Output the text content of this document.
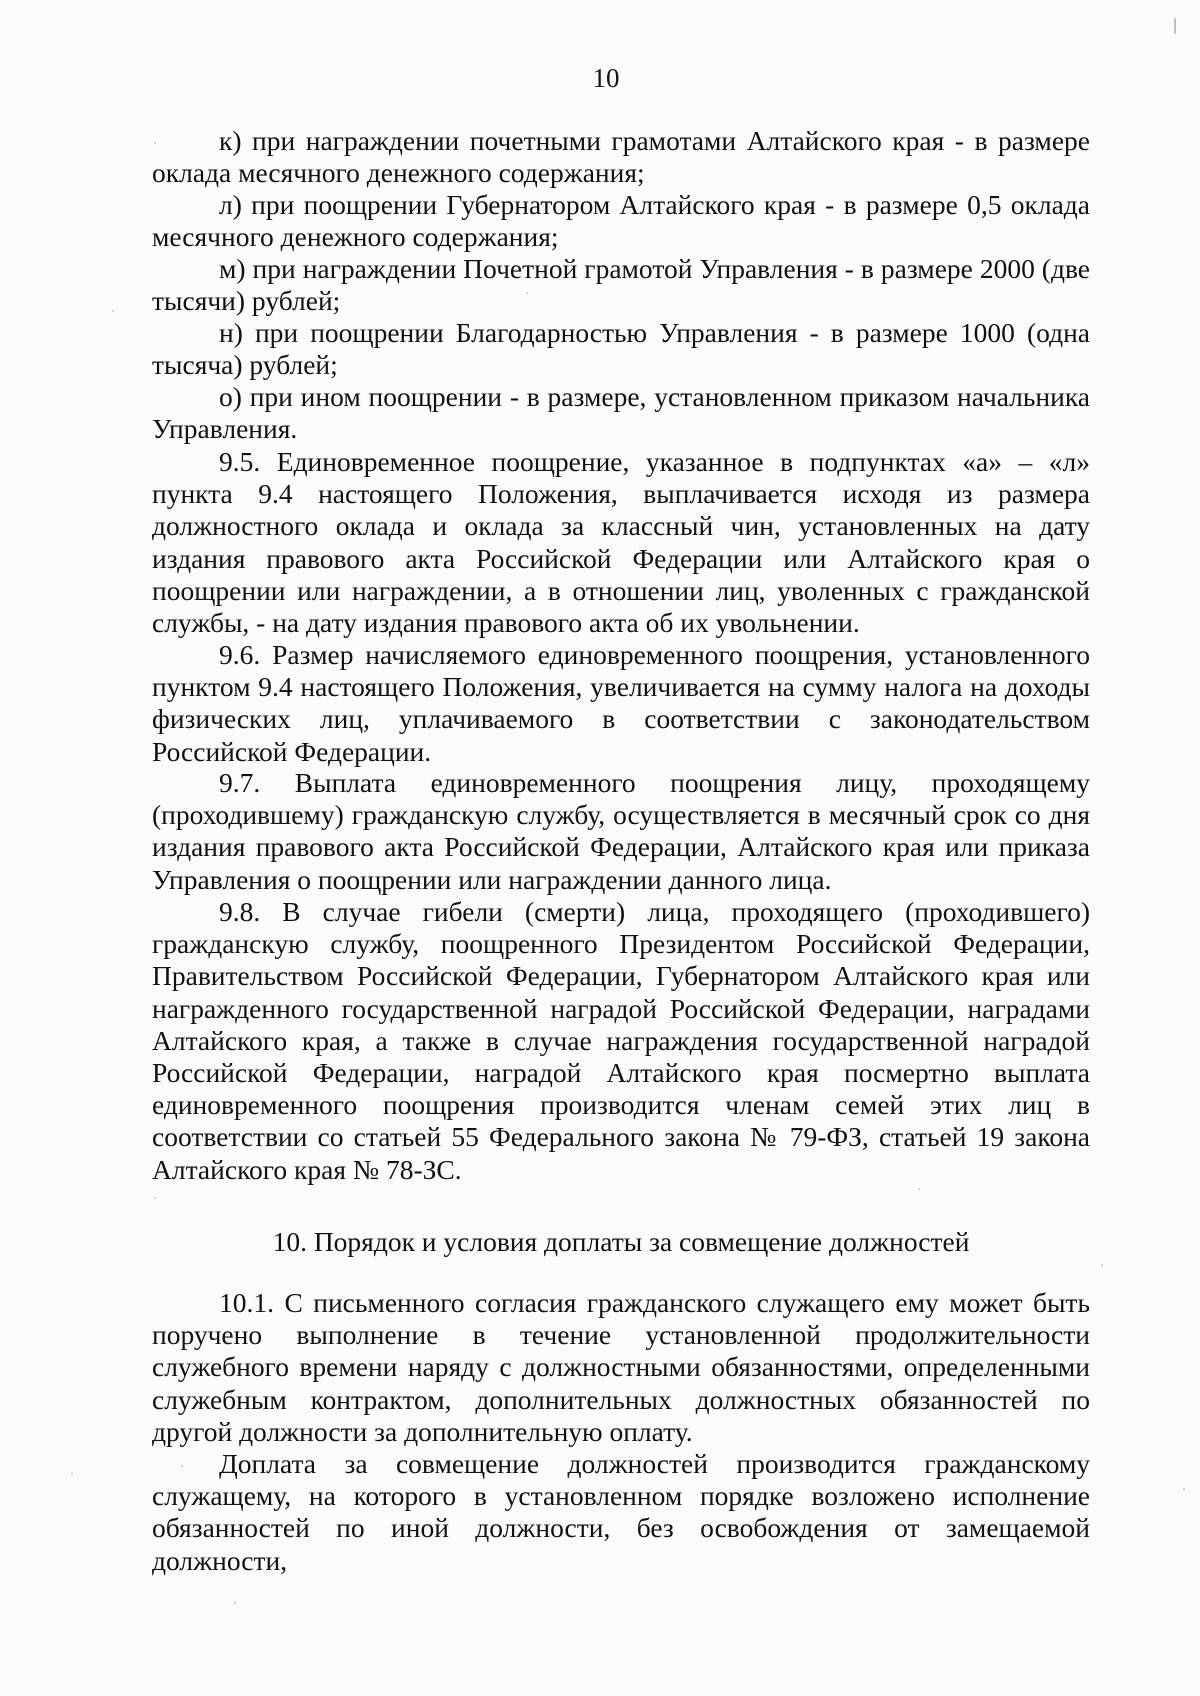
10

к) при награждении почетными грамотами Алтайского края - в размере оклада месячного денежного содержания;

л) при поощрении Губернатором Алтайского края - в размере 0,5 оклада месячного денежного содержания;

м) при награждении Почетной грамотой Управления - в размере 2000 (две тысячи) рублей;

н) при поощрении Благодарностью Управления - в размере 1000 (одна тысяча) рублей;

о) при ином поощрении - в размере, установленном приказом начальника Управления.

9.5. Единовременное поощрение, указанное в подпунктах «а» – «л» пункта 9.4 настоящего Положения, выплачивается исходя из размера должностного оклада и оклада за классный чин, установленных на дату издания правового акта Российской Федерации или Алтайского края о поощрении или награждении, а в отношении лиц, уволенных с гражданской службы, - на дату издания правового акта об их увольнении.

9.6. Размер начисляемого единовременного поощрения, установленного пунктом 9.4 настоящего Положения, увеличивается на сумму налога на доходы физических лиц, уплачиваемого в соответствии с законодательством Российской Федерации.

9.7. Выплата единовременного поощрения лицу, проходящему (проходившему) гражданскую службу, осуществляется в месячный срок со дня издания правового акта Российской Федерации, Алтайского края или приказа Управления о поощрении или награждении данного лица.

9.8. В случае гибели (смерти) лица, проходящего (проходившего) гражданскую службу, поощренного Президентом Российской Федерации, Правительством Российской Федерации, Губернатором Алтайского края или награжденного государственной наградой Российской Федерации, наградами Алтайского края, а также в случае награждения государственной наградой Российской Федерации, наградой Алтайского края посмертно выплата единовременного поощрения производится членам семей этих лиц в соответствии со статьей 55 Федерального закона № 79-ФЗ, статьей 19 закона Алтайского края № 78-ЗС.

10. Порядок и условия доплаты за совмещение должностей

10.1. С письменного согласия гражданского служащего ему может быть поручено выполнение в течение установленной продолжительности служебного времени наряду с должностными обязанностями, определенными служебным контрактом, дополнительных должностных обязанностей по другой должности за дополнительную оплату.

Доплата за совмещение должностей производится гражданскому служащему, на которого в установленном порядке возложено исполнение обязанностей по иной должности, без освобождения от замещаемой должности,
